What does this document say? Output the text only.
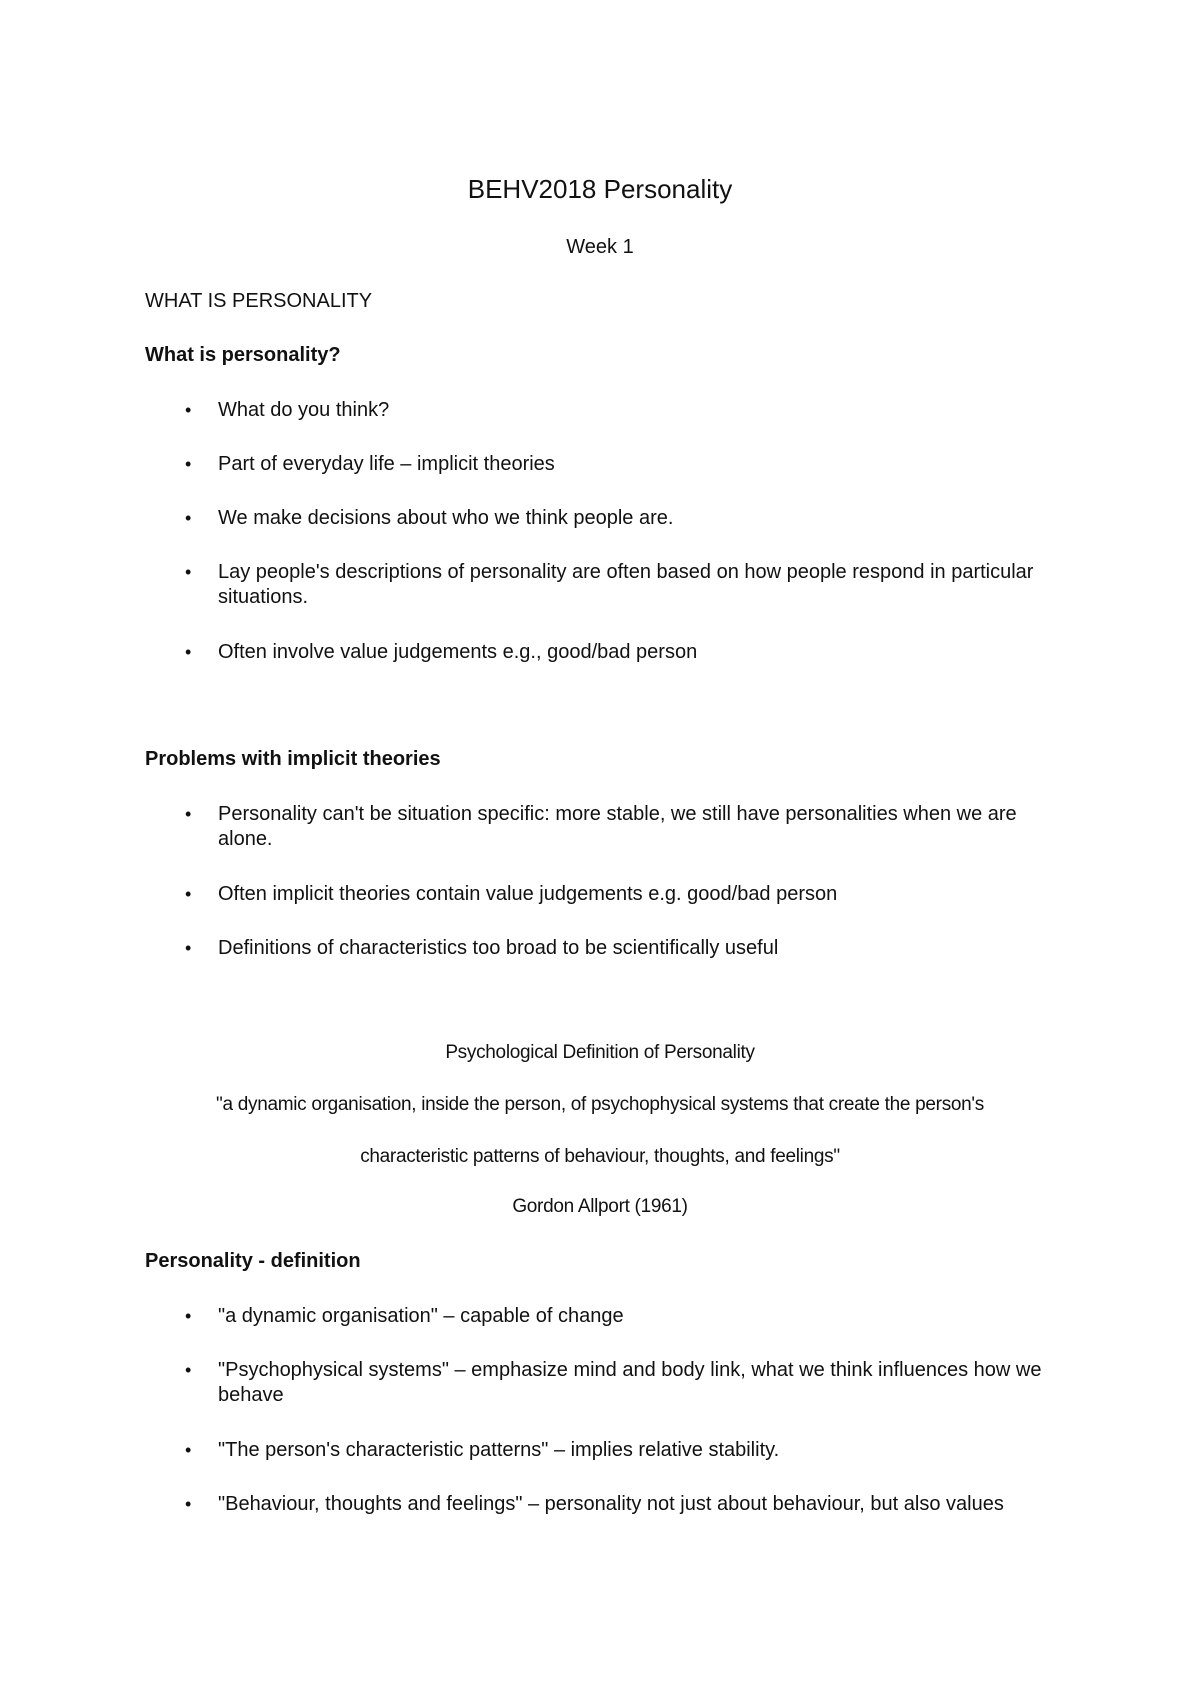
BEHV2018 Personality

Week 1

WHAT IS PERSONALITY

What is personality?

• What do you think?
• Part of everyday life – implicit theories
• We make decisions about who we think people are.
• Lay people's descriptions of personality are often based on how people respond in particular situations.
• Often involve value judgements e.g., good/bad person

Problems with implicit theories

• Personality can't be situation specific: more stable, we still have personalities when we are alone.
• Often implicit theories contain value judgements e.g. good/bad person
• Definitions of characteristics too broad to be scientifically useful

Psychological Definition of Personality

"a dynamic organisation, inside the person, of psychophysical systems that create the person's

characteristic patterns of behaviour, thoughts, and feelings"

Gordon Allport (1961)

Personality - definition

• "a dynamic organisation" – capable of change
• "Psychophysical systems" – emphasize mind and body link, what we think influences how we behave
• "The person's characteristic patterns" – implies relative stability.
• "Behaviour, thoughts and feelings" – personality not just about behaviour, but also values
